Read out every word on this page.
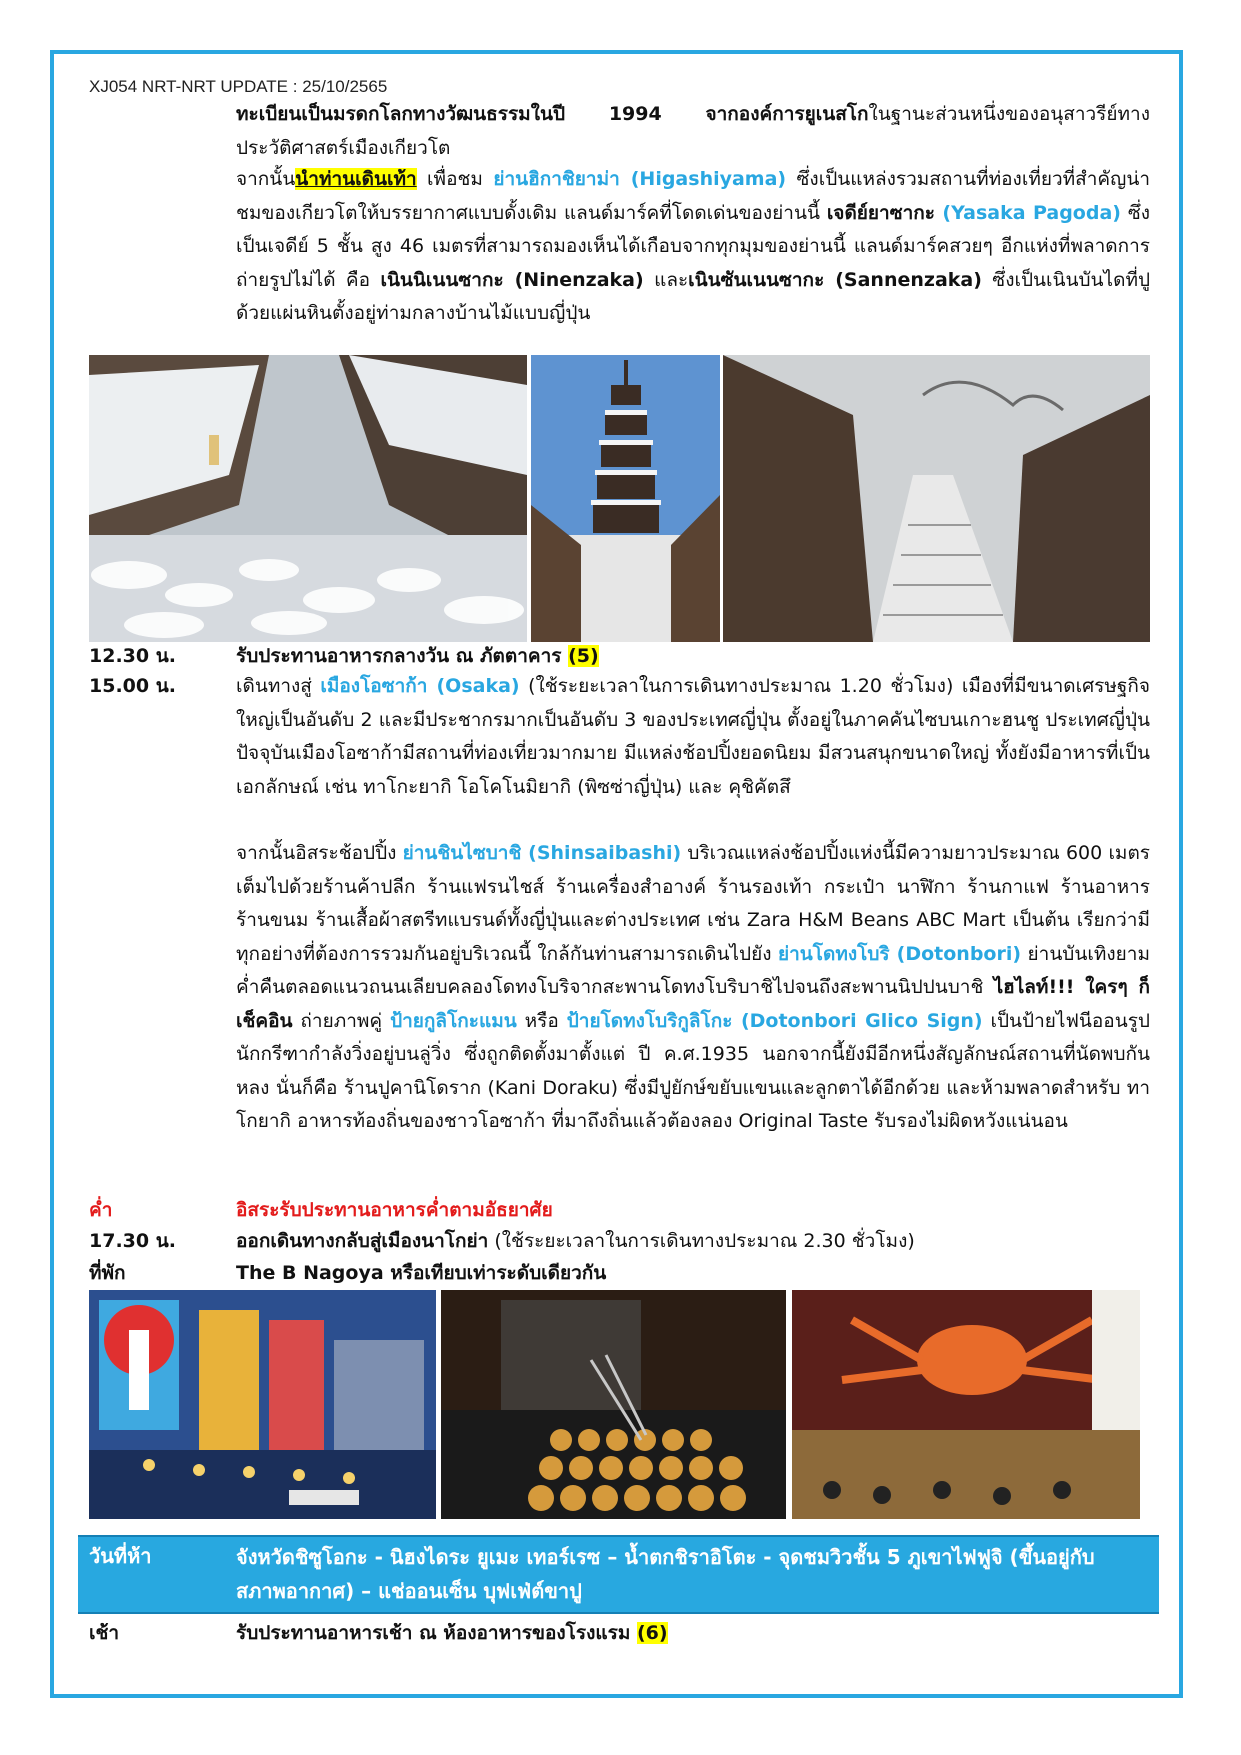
XJ054 NRT-NRT UPDATE : 25/10/2565

ทะเบียนเป็นมรดกโลกทางวัฒนธรรมในปี 1994 จากองค์การยูเนสโกในฐานะส่วนหนึ่งของอนุสาวรีย์ทางประวัติศาสตร์เมืองเกียวโต

จากนั้นนำท่านเดินเท้า เพื่อชม ย่านฮิกาชิยาม่า (Higashiyama) ซึ่งเป็นแหล่งรวมสถานที่ท่องเที่ยวที่สำคัญน่าชมของเกียวโตให้บรรยากาศแบบดั้งเดิม แลนด์มาร์คที่โดดเด่นของย่านนี้ เจดีย์ยาซากะ (Yasaka Pagoda) ซึ่งเป็นเจดีย์ 5 ชั้น สูง 46 เมตรที่สามารถมองเห็นได้เกือบจากทุกมุมของย่านนี้ แลนด์มาร์คสวยๆ อีกแห่งที่พลาดการถ่ายรูปไม่ได้ คือ เนินนิเนนซากะ (Ninenzaka) และเนินซันเนนซากะ (Sannenzaka) ซึ่งเป็นเนินบันไดที่ปูด้วยแผ่นหินตั้งอยู่ท่ามกลางบ้านไม้แบบญี่ปุ่น

12.30 น.	รับประทานอาหารกลางวัน ณ ภัตตาคาร (5)
15.00 น.	เดินทางสู่ เมืองโอซาก้า (Osaka) (ใช้ระยะเวลาในการเดินทางประมาณ 1.20 ชั่วโมง) เมืองที่มีขนาดเศรษฐกิจใหญ่เป็นอันดับ 2 และมีประชากรมากเป็นอันดับ 3 ของประเทศญี่ปุ่น ตั้งอยู่ในภาคคันไซบนเกาะฮนชู ประเทศญี่ปุ่น ปัจจุบันเมืองโอซาก้ามีสถานที่ท่องเที่ยวมากมาย มีแหล่งช้อปปิ้งยอดนิยม มีสวนสนุกขนาดใหญ่ ทั้งยังมีอาหารที่เป็นเอกลักษณ์ เช่น ทาโกะยากิ โอโคโนมิยากิ (พิซซ่าญี่ปุ่น) และ คุชิคัตสึ

จากนั้นอิสระช้อปปิ้ง ย่านชินไซบาชิ (Shinsaibashi) บริเวณแหล่งช้อปปิ้งแห่งนี้มีความยาวประมาณ 600 เมตร เต็มไปด้วยร้านค้าปลีก ร้านแฟรนไชส์ ร้านเครื่องสำอางค์ ร้านรองเท้า กระเป๋า นาฬิกา ร้านกาแฟ ร้านอาหาร ร้านขนม ร้านเสื้อผ้าสตรีทแบรนด์ทั้งญี่ปุ่นและต่างประเทศ เช่น Zara H&M Beans ABC Mart เป็นต้น เรียกว่ามีทุกอย่างที่ต้องการรวมกันอยู่บริเวณนี้ ใกล้กันท่านสามารถเดินไปยัง ย่านโดทงโบริ (Dotonbori) ย่านบันเทิงยามค่ำคืนตลอดแนวถนนเลียบคลองโดทงโบริจากสะพานโดทงโบริบาชิไปจนถึงสะพานนิปปนบาชิ ไฮไลท์!!! ใครๆ ก็เช็คอิน ถ่ายภาพคู่ ป้ายกูลิโกะแมน หรือ ป้ายโดทงโบริกูลิโกะ (Dotonbori Glico Sign) เป็นป้ายไฟนีออนรูปนักกรีฑากำลังวิ่งอยู่บนลู่วิ่ง ซึ่งถูกติดตั้งมาตั้งแต่ ปี ค.ศ.1935 นอกจากนี้ยังมีอีกหนึ่งสัญลักษณ์สถานที่นัดพบกันหลง นั่นก็คือ ร้านปูคานิโดราก (Kani Doraku) ซึ่งมีปูยักษ์ขยับแขนและลูกตาได้อีกด้วย และห้ามพลาดสำหรับ ทาโกยากิ อาหารท้องถิ่นของชาวโอซาก้า ที่มาถึงถิ่นแล้วต้องลอง Original Taste รับรองไม่ผิดหวังแน่นอน

ค่ำ	อิสระรับประทานอาหารค่ำตามอัธยาศัย
17.30 น.	ออกเดินทางกลับสู่เมืองนาโกย่า (ใช้ระยะเวลาในการเดินทางประมาณ 2.30 ชั่วโมง)
ที่พัก	The B Nagoya หรือเทียบเท่าระดับเดียวกัน
วันที่ห้า	จังหวัดชิซูโอกะ - นิฮงไดระ ยูเมะ เทอร์เรซ – น้ำตกชิราอิโตะ - จุดชมวิวชั้น 5 ภูเขาไฟฟูจิ (ขึ้นอยู่กับสภาพอากาศ) – แช่ออนเซ็น บุฟเฟ่ต์ขาปู
เช้า	รับประทานอาหารเช้า ณ ห้องอาหารของโรงแรม (6)
